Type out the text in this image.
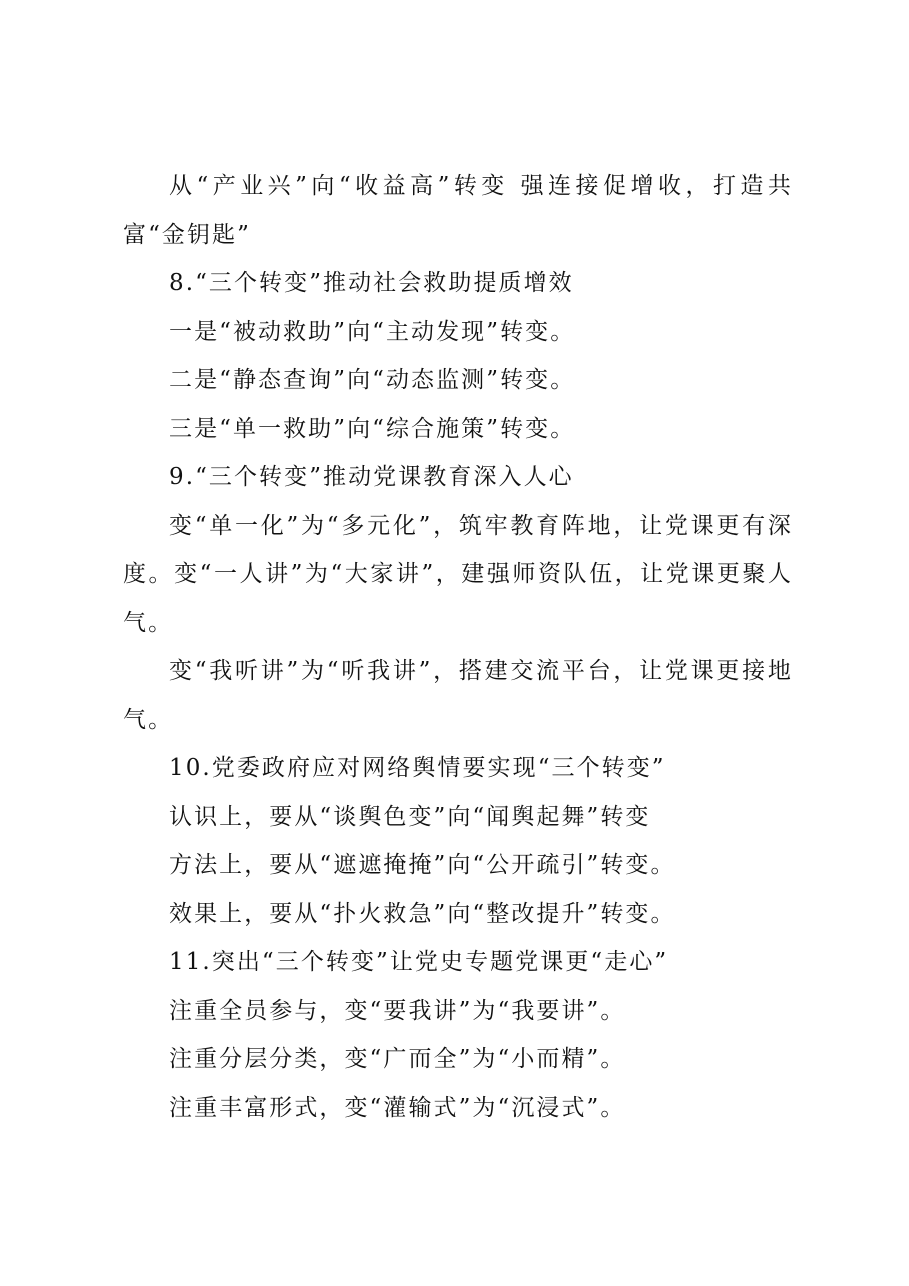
从“产业兴”向“收益高”转变 强连接促增收，打造共富“金钥匙”

8.“三个转变”推动社会救助提质增效

一是“被动救助”向“主动发现”转变。

二是“静态查询”向“动态监测”转变。

三是“单一救助”向“综合施策”转变。

9.“三个转变”推动党课教育深入人心

变“单一化”为“多元化”，筑牢教育阵地，让党课更有深度。变“一人讲”为“大家讲”，建强师资队伍，让党课更聚人气。

变“我听讲”为“听我讲”，搭建交流平台，让党课更接地气。

10.党委政府应对网络舆情要实现“三个转变”

认识上，要从“谈舆色变”向“闻舆起舞”转变

方法上，要从“遮遮掩掩”向“公开疏引”转变。

效果上，要从“扑火救急”向“整改提升”转变。

11.突出“三个转变”让党史专题党课更“走心”

注重全员参与，变“要我讲”为“我要讲”。

注重分层分类，变“广而全”为“小而精”。

注重丰富形式，变“灌输式”为“沉浸式”。
